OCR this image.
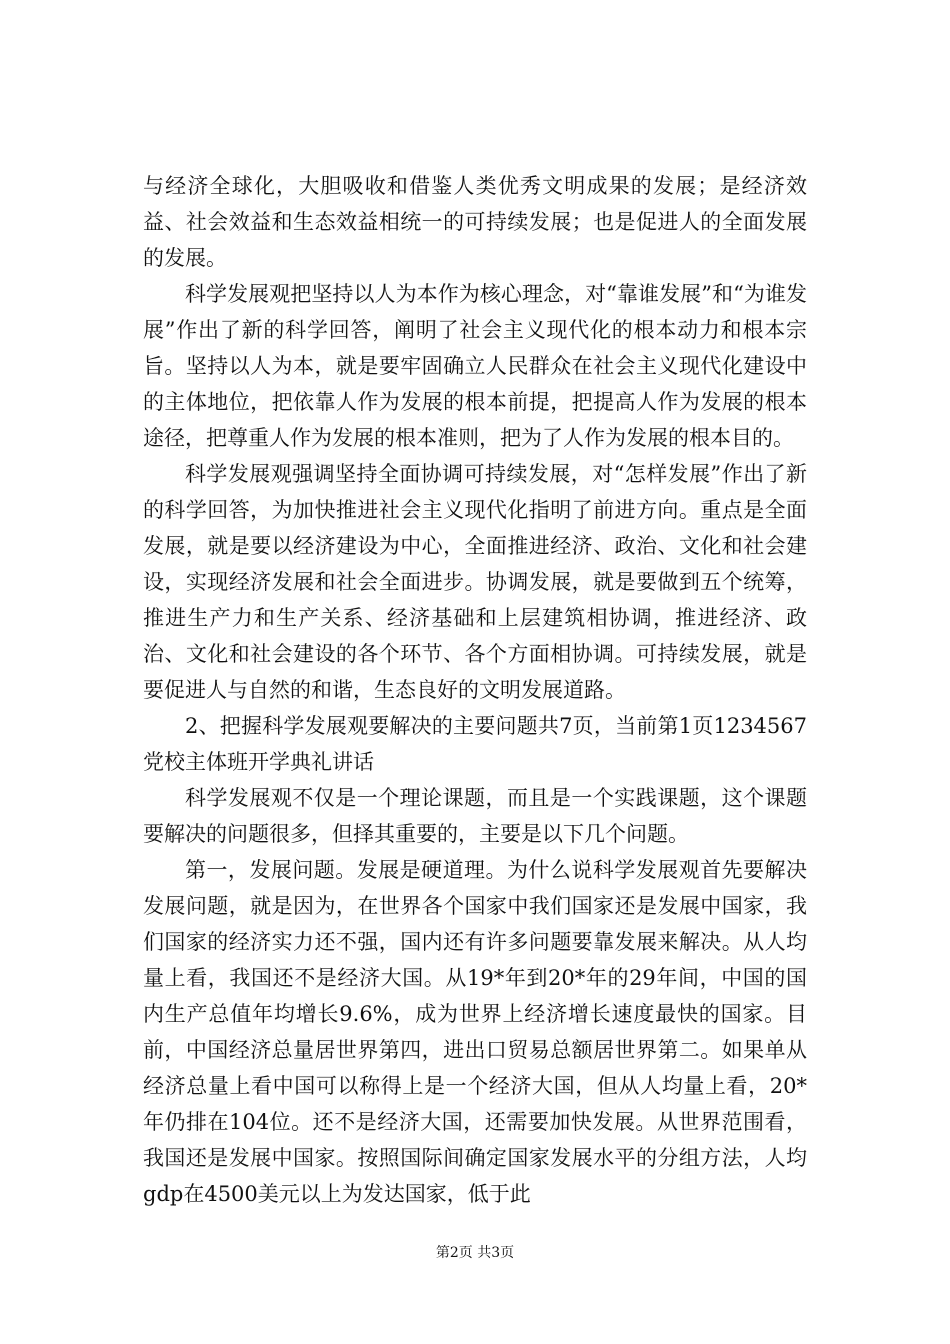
与经济全球化，大胆吸收和借鉴人类优秀文明成果的发展；是经济效益、社会效益和生态效益相统一的可持续发展；也是促进人的全面发展的发展。

科学发展观把坚持以人为本作为核心理念，对“靠谁发展”和“为谁发展”作出了新的科学回答，阐明了社会主义现代化的根本动力和根本宗旨。坚持以人为本，就是要牢固确立人民群众在社会主义现代化建设中的主体地位，把依靠人作为发展的根本前提，把提高人作为发展的根本途径，把尊重人作为发展的根本准则，把为了人作为发展的根本目的。

科学发展观强调坚持全面协调可持续发展，对“怎样发展”作出了新的科学回答，为加快推进社会主义现代化指明了前进方向。重点是全面发展，就是要以经济建设为中心，全面推进经济、政治、文化和社会建设，实现经济发展和社会全面进步。协调发展，就是要做到五个统筹，推进生产力和生产关系、经济基础和上层建筑相协调，推进经济、政治、文化和社会建设的各个环节、各个方面相协调。可持续发展，就是要促进人与自然的和谐，生态良好的文明发展道路。

2、把握科学发展观要解决的主要问题共7页，当前第1页1234567党校主体班开学典礼讲话

科学发展观不仅是一个理论课题，而且是一个实践课题，这个课题要解决的问题很多，但择其重要的，主要是以下几个问题。

第一，发展问题。发展是硬道理。为什么说科学发展观首先要解决发展问题，就是因为，在世界各个国家中我们国家还是发展中国家，我们国家的经济实力还不强，国内还有许多问题要靠发展来解决。从人均量上看，我国还不是经济大国。从19*年到20*年的29年间，中国的国内生产总值年均增长9.6%，成为世界上经济增长速度最快的国家。目前，中国经济总量居世界第四，进出口贸易总额居世界第二。如果单从经济总量上看中国可以称得上是一个经济大国，但从人均量上看，20*年仍排在104位。还不是经济大国，还需要加快发展。从世界范围看，我国还是发展中国家。按照国际间确定国家发展水平的分组方法，人均gdp在4500美元以上为发达国家，低于此

第2页 共3页
